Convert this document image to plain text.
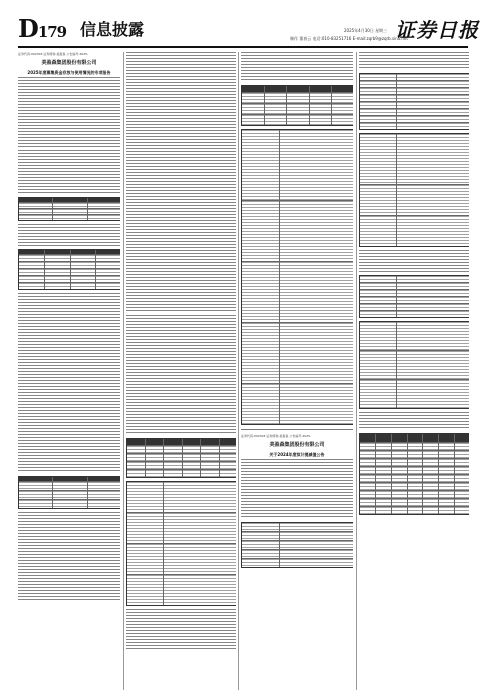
D179 信息披露	2025年4月30日 星期三
制作 董春云 电话:010-83251716 E-mail:zqrb9@zqrb.sina.net
证券日报
证券代码:002303 证券简称:美盈森 公告编号:2025-
美盈森集团股份有限公司
2025年度募集资金存放与使用情况的专项报告
证券代码:002303 证券简称:美盈森 公告编号:2025-
美盈森集团股份有限公司
关于2024年度拟计提减值公告
